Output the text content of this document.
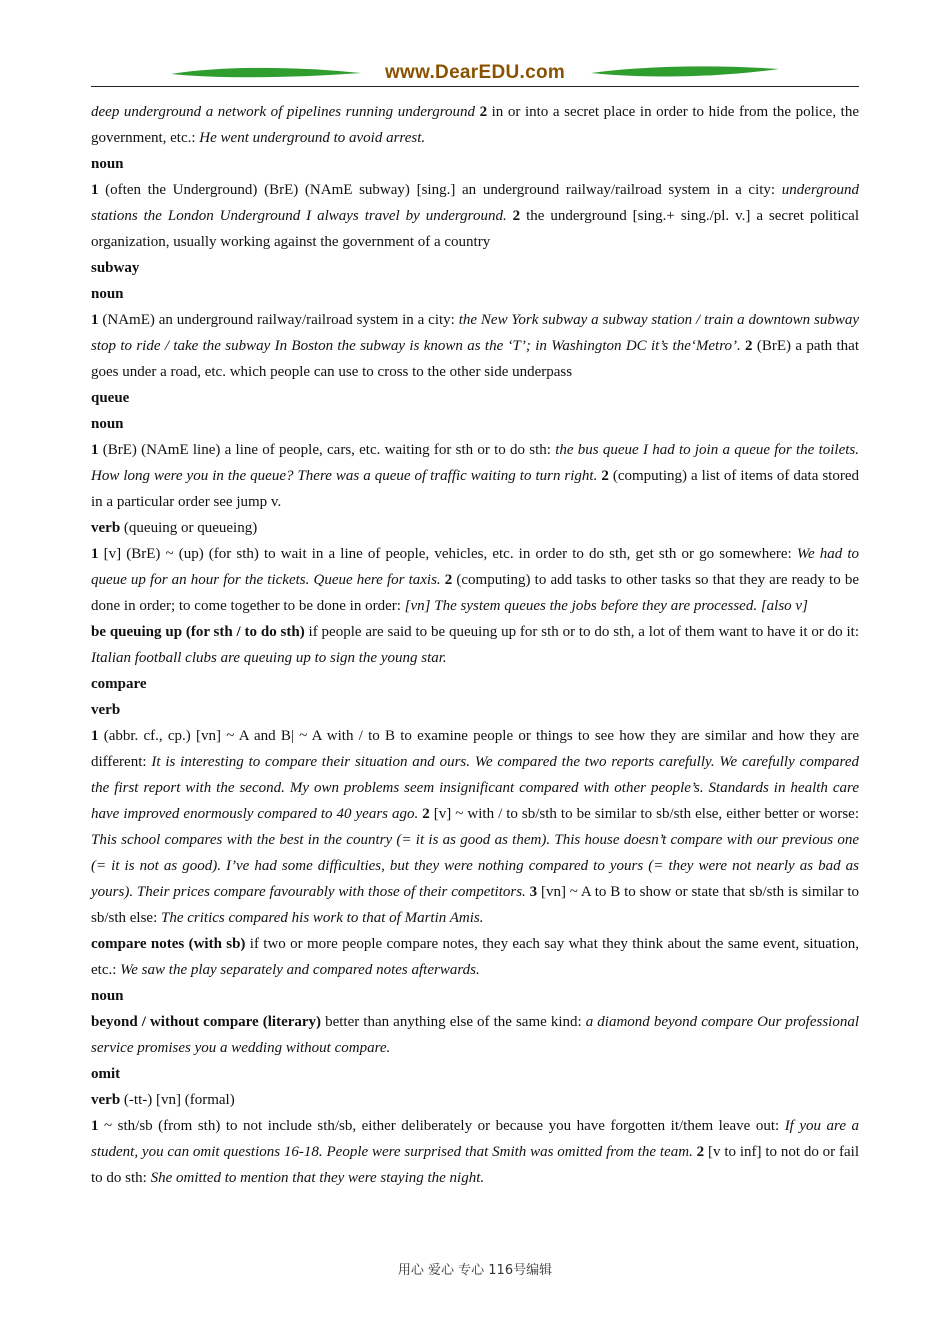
www.DearEDU.com
deep underground a network of pipelines running underground 2 in or into a secret place in order to hide from the police, the government, etc.: He went underground to avoid arrest.
noun
1 (often the Underground) (BrE) (NAmE subway) [sing.] an underground railway/railroad system in a city: underground stations the London Underground I always travel by underground. 2 the underground [sing.+ sing./pl. v.] a secret political organization, usually working against the government of a country
subway
noun
1 (NAmE) an underground railway/railroad system in a city: the New York subway a subway station / train a downtown subway stop to ride / take the subway In Boston the subway is known as the ‘T’; in Washington DC it’s the‘Metro’. 2 (BrE) a path that goes under a road, etc. which people can use to cross to the other side underpass
queue
noun
1 (BrE) (NAmE line) a line of people, cars, etc. waiting for sth or to do sth: the bus queue I had to join a queue for the toilets. How long were you in the queue? There was a queue of traffic waiting to turn right. 2 (computing) a list of items of data stored in a particular order see jump v.
verb (queuing or queueing)
1 [v] (BrE) ~ (up) (for sth) to wait in a line of people, vehicles, etc. in order to do sth, get sth or go somewhere: We had to queue up for an hour for the tickets. Queue here for taxis. 2 (computing) to add tasks to other tasks so that they are ready to be done in order; to come together to be done in order: [vn] The system queues the jobs before they are processed. [also v]
be queuing up (for sth / to do sth) if people are said to be queuing up for sth or to do sth, a lot of them want to have it or do it: Italian football clubs are queuing up to sign the young star.
compare
verb
1 (abbr. cf., cp.) [vn] ~ A and B| ~ A with / to B to examine people or things to see how they are similar and how they are different: It is interesting to compare their situation and ours. We compared the two reports carefully. We carefully compared the first report with the second. My own problems seem insignificant compared with other people’s. Standards in health care have improved enormously compared to 40 years ago. 2 [v] ~ with / to sb/sth to be similar to sb/sth else, either better or worse: This school compares with the best in the country (= it is as good as them). This house doesn’t compare with our previous one (= it is not as good). I’ve had some difficulties, but they were nothing compared to yours (= they were not nearly as bad as yours). Their prices compare favourably with those of their competitors. 3 [vn] ~ A to B to show or state that sb/sth is similar to sb/sth else: The critics compared his work to that of Martin Amis.
compare notes (with sb) if two or more people compare notes, they each say what they think about the same event, situation, etc.: We saw the play separately and compared notes afterwards.
noun
beyond / without compare (literary) better than anything else of the same kind: a diamond beyond compare Our professional service promises you a wedding without compare.
omit
verb (-tt-) [vn] (formal)
1 ~ sth/sb (from sth) to not include sth/sb, either deliberately or because you have forgotten it/them leave out: If you are a student, you can omit questions 16-18. People were surprised that Smith was omitted from the team. 2 [v to inf] to not do or fail to do sth: She omitted to mention that they were staying the night.
用心 爱心 专心 116号编辑
